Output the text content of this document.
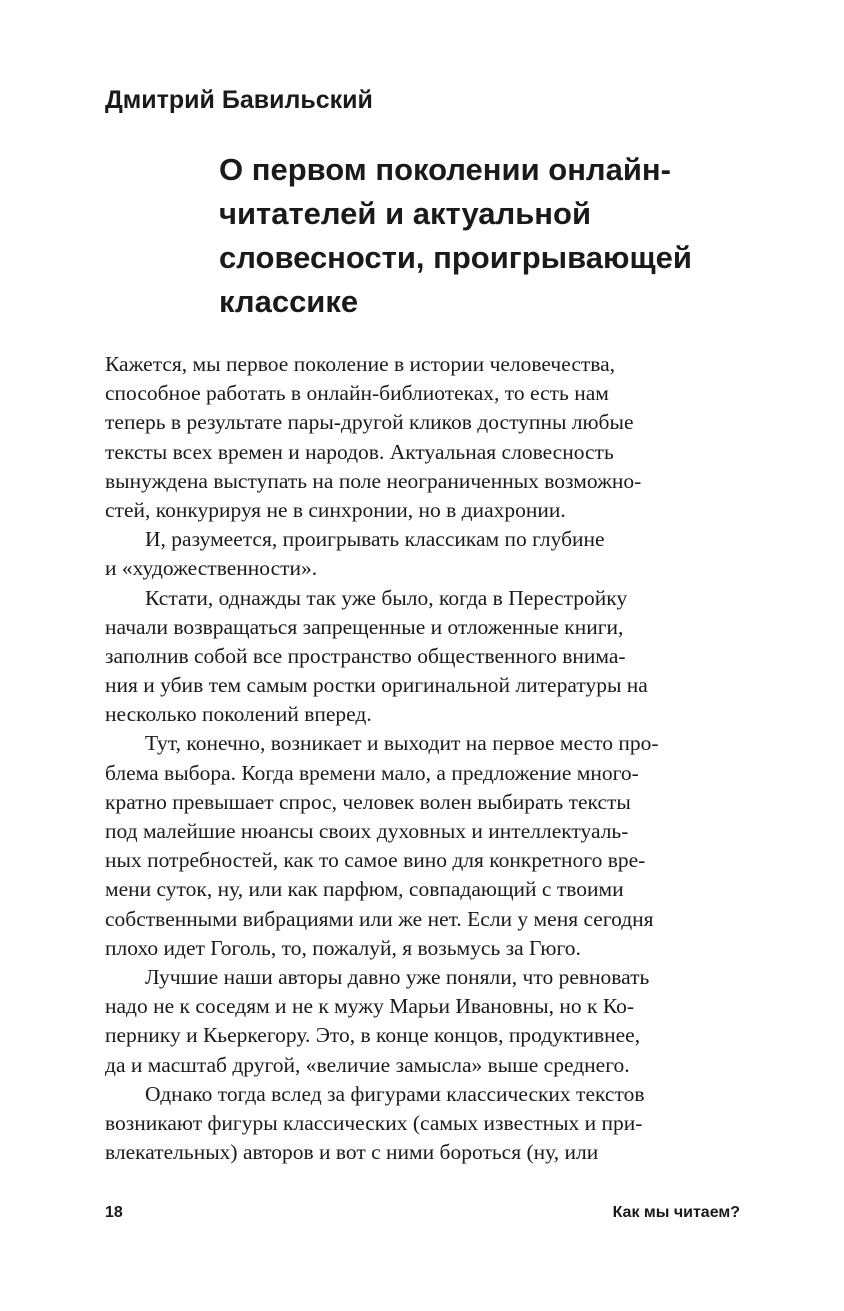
Дмитрий Бавильский
О первом поколении онлайн-
читателей и актуальной
словесности, проигрывающей
классике
Кажется, мы первое поколение в истории человечества,
способное работать в онлайн-библиотеках, то есть нам
теперь в результате пары-другой кликов доступны любые
тексты всех времен и народов. Актуальная словесность
вынуждена выступать на поле неограниченных возможно-
стей, конкурируя не в синхронии, но в диахронии.
И, разумеется, проигрывать классикам по глубине
и «художественности».
Кстати, однажды так уже было, когда в Перестройку
начали возвращаться запрещенные и отложенные книги,
заполнив собой все пространство общественного внима-
ния и убив тем самым ростки оригинальной литературы на
несколько поколений вперед.
Тут, конечно, возникает и выходит на первое место про-
блема выбора. Когда времени мало, а предложение много-
кратно превышает спрос, человек волен выбирать тексты
под малейшие нюансы своих духовных и интеллектуаль-
ных потребностей, как то самое вино для конкретного вре-
мени суток, ну, или как парфюм, совпадающий с твоими
собственными вибрациями или же нет. Если у меня сегодня
плохо идет Гоголь, то, пожалуй, я возьмусь за Гюго.
Лучшие наши авторы давно уже поняли, что ревновать
надо не к соседям и не к мужу Марьи Ивановны, но к Ко-
пернику и Кьеркегору. Это, в конце концов, продуктивнее,
да и масштаб другой, «величие замысла» выше среднего.
Однако тогда вслед за фигурами классических текстов
возникают фигуры классических (самых известных и при-
влекательных) авторов и вот с ними бороться (ну, или
18	Как мы читаем?
